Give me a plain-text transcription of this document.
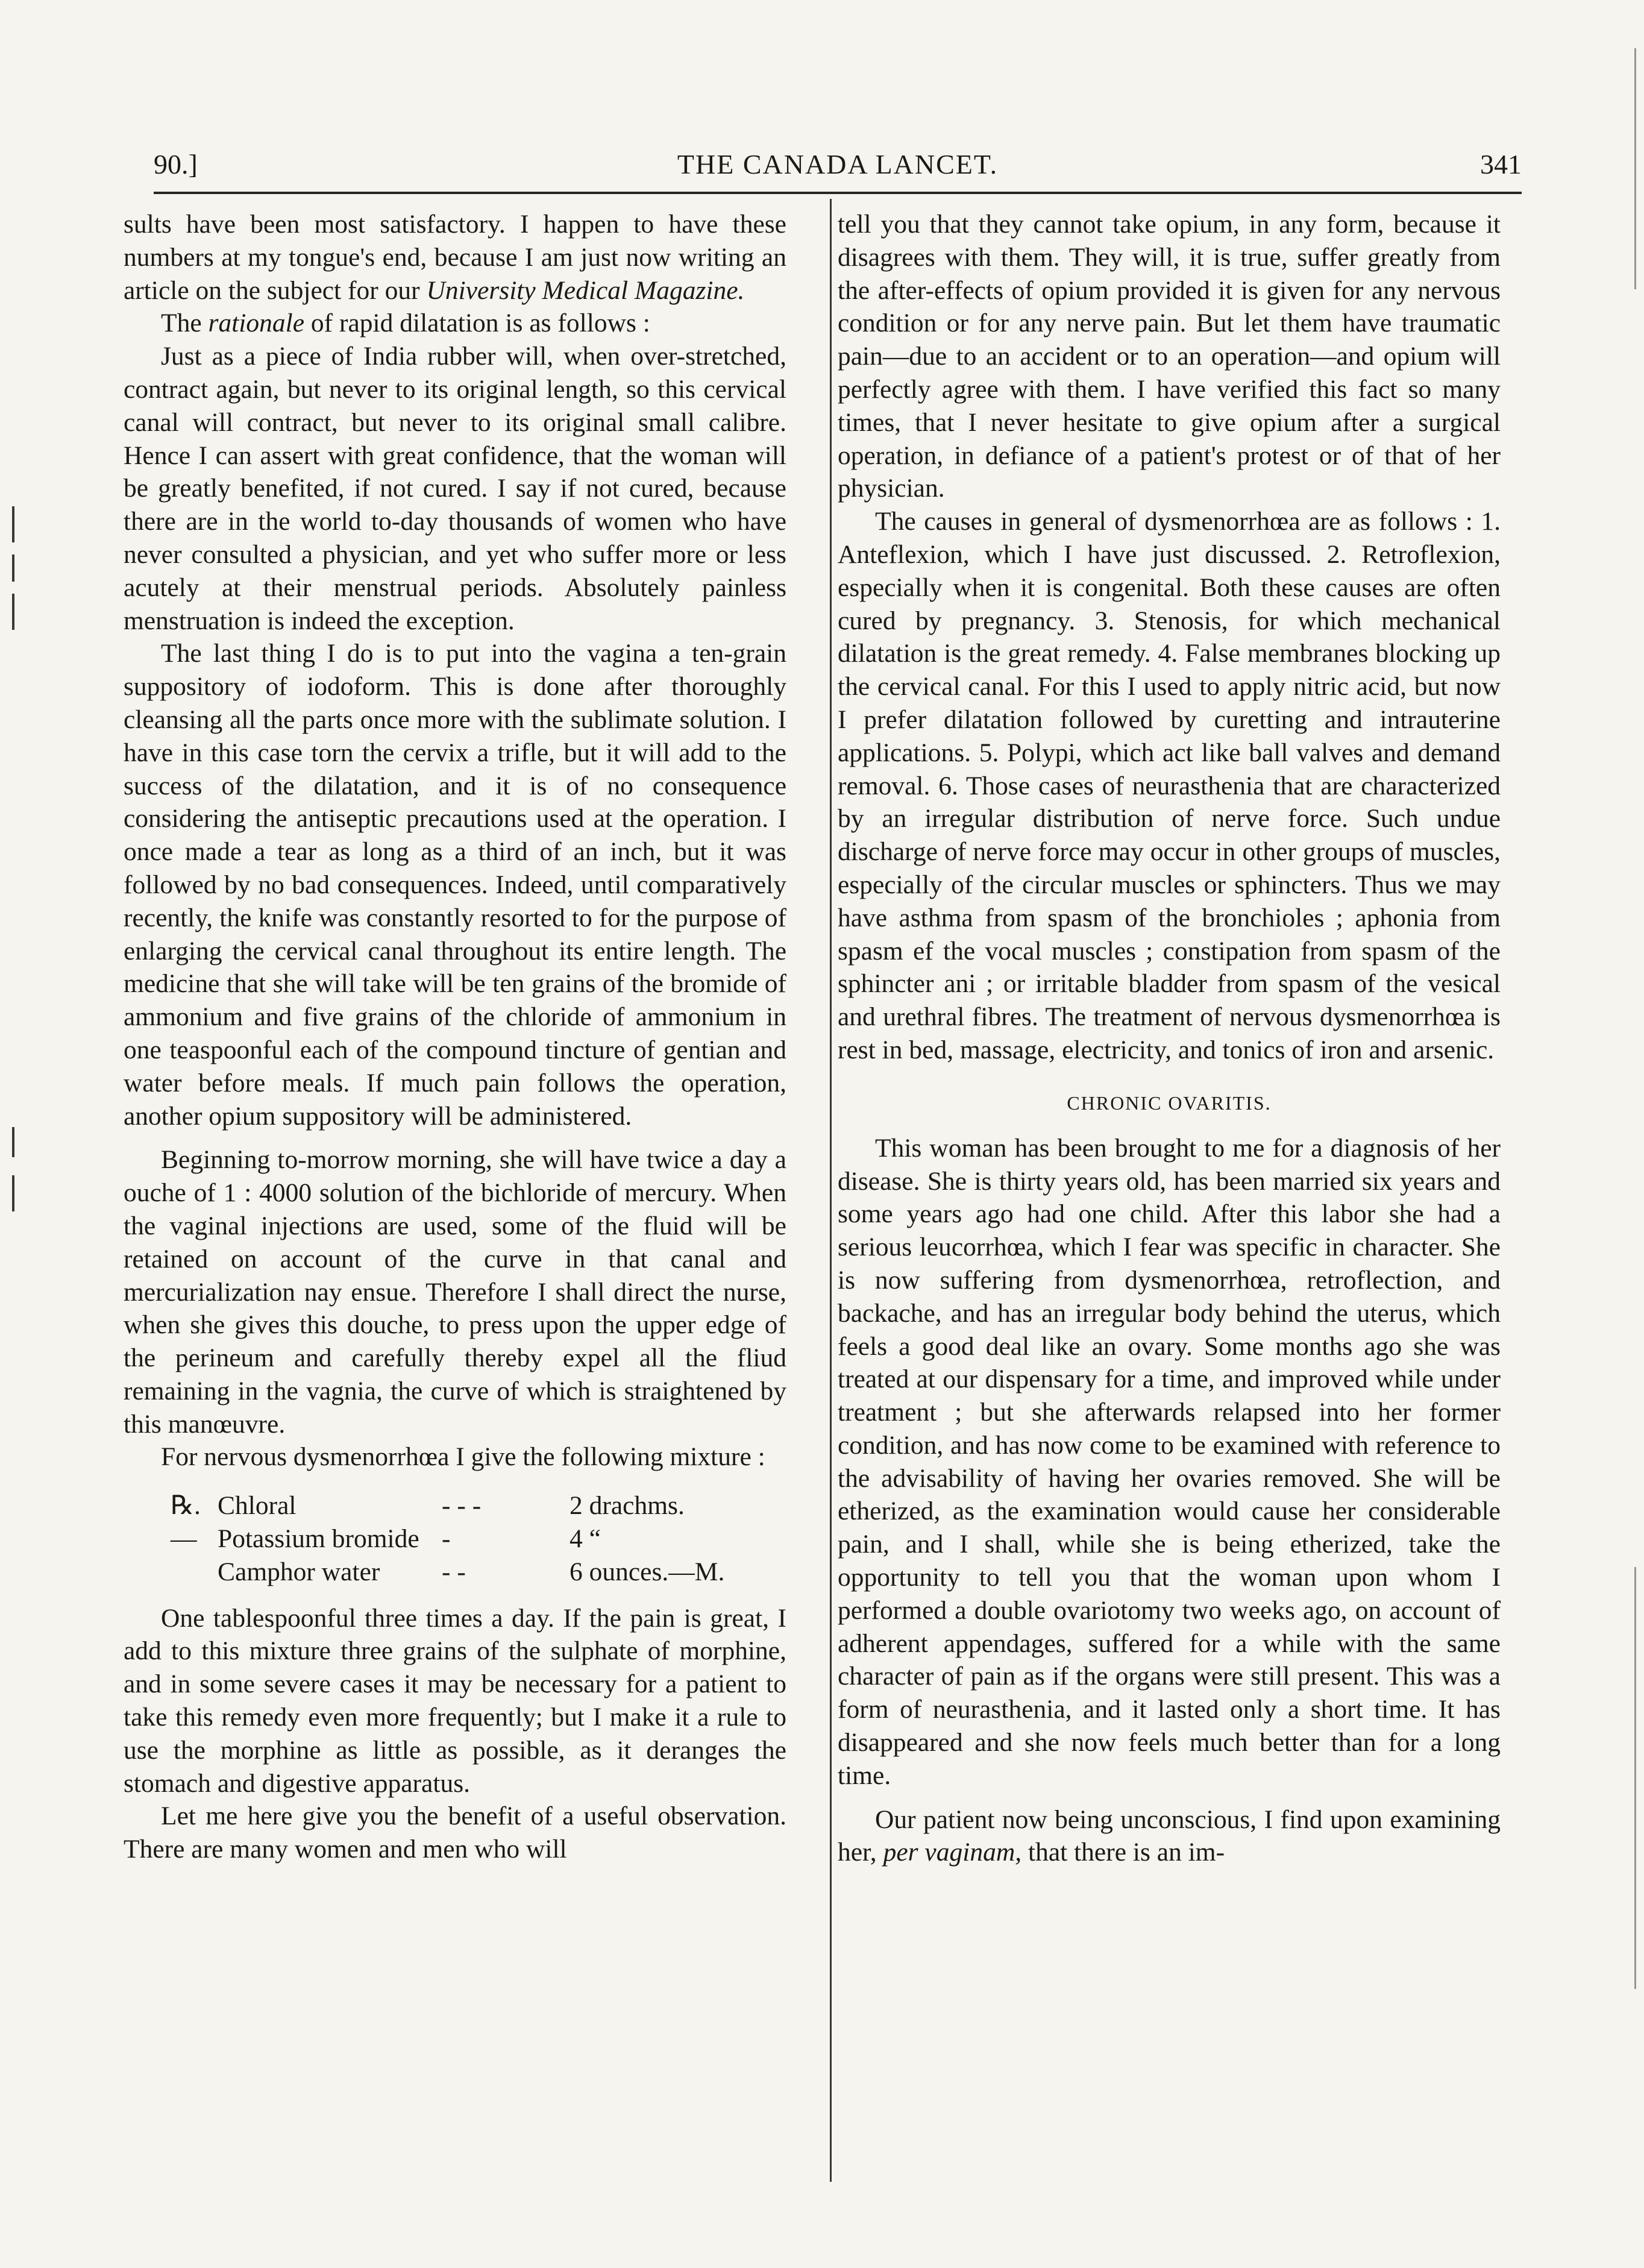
90.]	THE CANADA LANCET.	341

sults have been most satisfactory. I happen to have these numbers at my tongue's end, because I am just now writing an article on the subject for our University Medical Magazine.

The rationale of rapid dilatation is as follows :

Just as a piece of India rubber will, when over-stretched, contract again, but never to its original length, so this cervical canal will contract, but never to its original small calibre. Hence I can assert with great confidence, that the woman will be greatly benefited, if not cured. I say if not cured, because there are in the world to-day thousands of women who have never consulted a physician, and yet who suffer more or less acutely at their menstrual periods. Absolutely painless menstruation is indeed the exception.

The last thing I do is to put into the vagina a ten-grain suppository of iodoform. This is done after thoroughly cleansing all the parts once more with the sublimate solution. I have in this case torn the cervix a trifle, but it will add to the success of the dilatation, and it is of no consequence considering the antiseptic precautions used at the operation. I once made a tear as long as a third of an inch, but it was followed by no bad consequences. Indeed, until comparatively recently, the knife was constantly resorted to for the purpose of enlarging the cervical canal throughout its entire length. The medicine that she will take will be ten grains of the bromide of ammonium and five grains of the chloride of ammonium in one teaspoonful each of the compound tincture of gentian and water before meals. If much pain follows the operation, another opium suppository will be administered.

Beginning to-morrow morning, she will have twice a day a ouche of 1 : 4000 solution of the bichloride of mercury. When the vaginal injections are used, some of the fluid will be retained on account of the curve in that canal and mercurialization nay ensue. Therefore I shall direct the nurse, when she gives this douche, to press upon the upper edge of the perineum and carefully thereby expel all the fliud remaining in the vagnia, the curve of which is straightened by this manœuvre.

For nervous dysmenorrhœa I give the following mixture :

℞.—
Chloral	- - -	2 drachms.
Potassium bromide -	4 “
Camphor water	- -	6 ounces.—M.

One tablespoonful three times a day. If the pain is great, I add to this mixture three grains of the sulphate of morphine, and in some severe cases it may be necessary for a patient to take this remedy even more frequently; but I make it a rule to use the morphine as little as possible, as it deranges the stomach and digestive apparatus.

Let me here give you the benefit of a useful observation. There are many women and men who will

tell you that they cannot take opium, in any form, because it disagrees with them. They will, it is true, suffer greatly from the after-effects of opium provided it is given for any nervous condition or for any nerve pain. But let them have traumatic pain—due to an accident or to an operation—and opium will perfectly agree with them. I have verified this fact so many times, that I never hesitate to give opium after a surgical operation, in defiance of a patient's protest or of that of her physician.

The causes in general of dysmenorrhœa are as follows : 1. Anteflexion, which I have just discussed. 2. Retroflexion, especially when it is congenital. Both these causes are often cured by pregnancy. 3. Stenosis, for which mechanical dilatation is the great remedy. 4. False membranes blocking up the cervical canal. For this I used to apply nitric acid, but now I prefer dilatation followed by curetting and intrauterine applications. 5. Polypi, which act like ball valves and demand removal. 6. Those cases of neurasthenia that are characterized by an irregular distribution of nerve force. Such undue discharge of nerve force may occur in other groups of muscles, especially of the circular muscles or sphincters. Thus we may have asthma from spasm of the bronchioles ; aphonia from spasm ef the vocal muscles ; constipation from spasm of the sphincter ani ; or irritable bladder from spasm of the vesical and urethral fibres. The treatment of nervous dysmenorrhœa is rest in bed, massage, electricity, and tonics of iron and arsenic.

CHRONIC OVARITIS.

This woman has been brought to me for a diagnosis of her disease. She is thirty years old, has been married six years and some years ago had one child. After this labor she had a serious leucorrhœa, which I fear was specific in character. She is now suffering from dysmenorrhœa, retroflection, and backache, and has an irregular body behind the uterus, which feels a good deal like an ovary. Some months ago she was treated at our dispensary for a time, and improved while under treatment ; but she afterwards relapsed into her former condition, and has now come to be examined with reference to the advisability of having her ovaries removed. She will be etherized, as the examination would cause her considerable pain, and I shall, while she is being etherized, take the opportunity to tell you that the woman upon whom I performed a double ovariotomy two weeks ago, on account of adherent appendages, suffered for a while with the same character of pain as if the organs were still present. This was a form of neurasthenia, and it lasted only a short time. It has disappeared and she now feels much better than for a long time.

Our patient now being unconscious, I find upon examining her, per vaginam, that there is an im-
